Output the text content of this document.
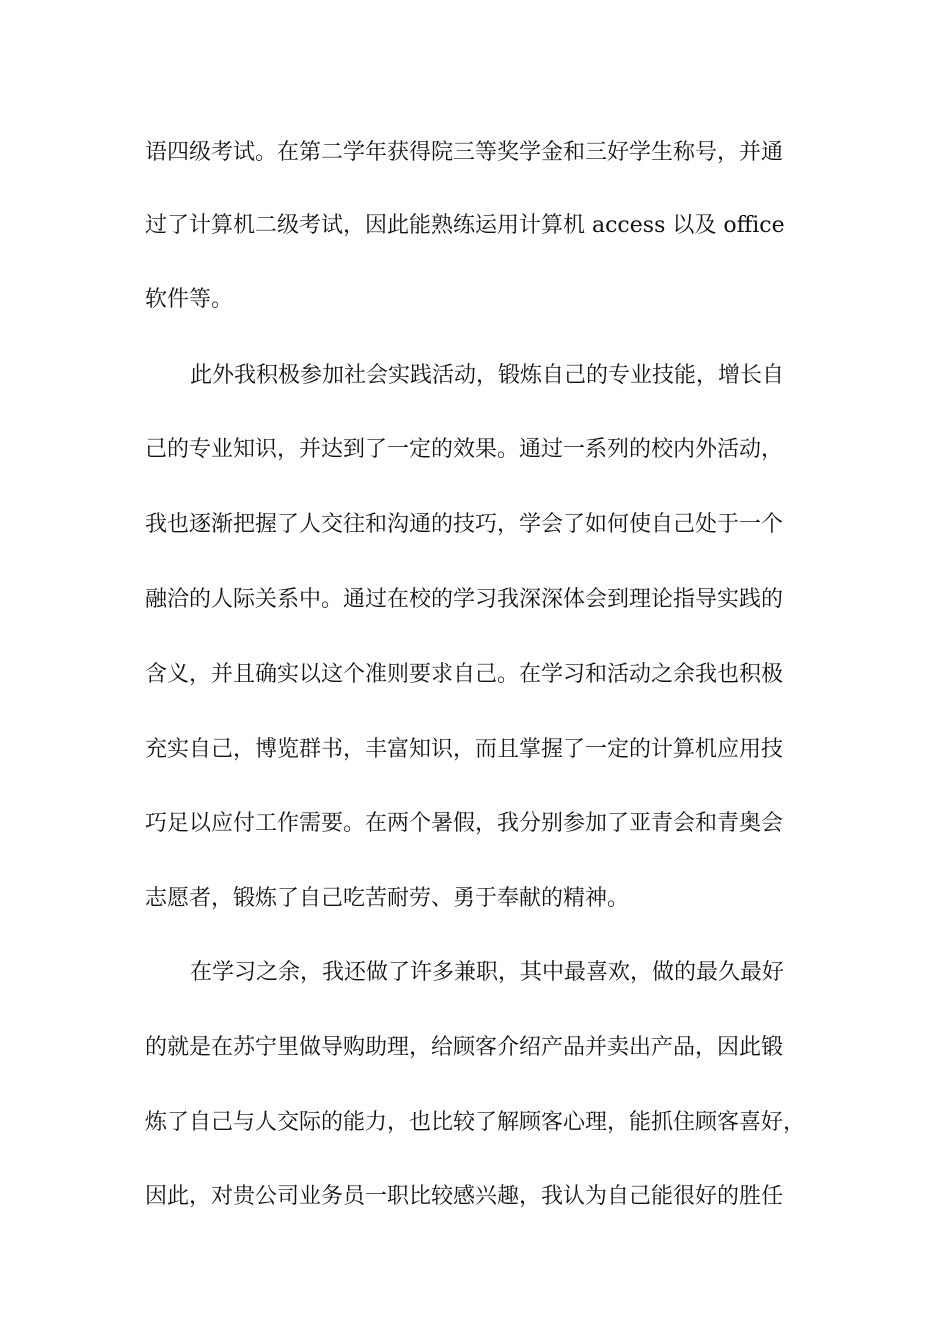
语四级考试。在第二学年获得院三等奖学金和三好学生称号，并通
过了计算机二级考试，因此能熟练运用计算机 access 以及 office
软件等。
此外我积极参加社会实践活动，锻炼自己的专业技能，增长自
己的专业知识，并达到了一定的效果。通过一系列的校内外活动，
我也逐渐把握了人交往和沟通的技巧，学会了如何使自己处于一个
融洽的人际关系中。通过在校的学习我深深体会到理论指导实践的
含义，并且确实以这个准则要求自己。在学习和活动之余我也积极
充实自己，博览群书，丰富知识，而且掌握了一定的计算机应用技
巧足以应付工作需要。在两个暑假，我分别参加了亚青会和青奥会
志愿者，锻炼了自己吃苦耐劳、勇于奉献的精神。
在学习之余，我还做了许多兼职，其中最喜欢，做的最久最好
的就是在苏宁里做导购助理，给顾客介绍产品并卖出产品，因此锻
炼了自己与人交际的能力，也比较了解顾客心理，能抓住顾客喜好，
因此，对贵公司业务员一职比较感兴趣，我认为自己能很好的胜任
